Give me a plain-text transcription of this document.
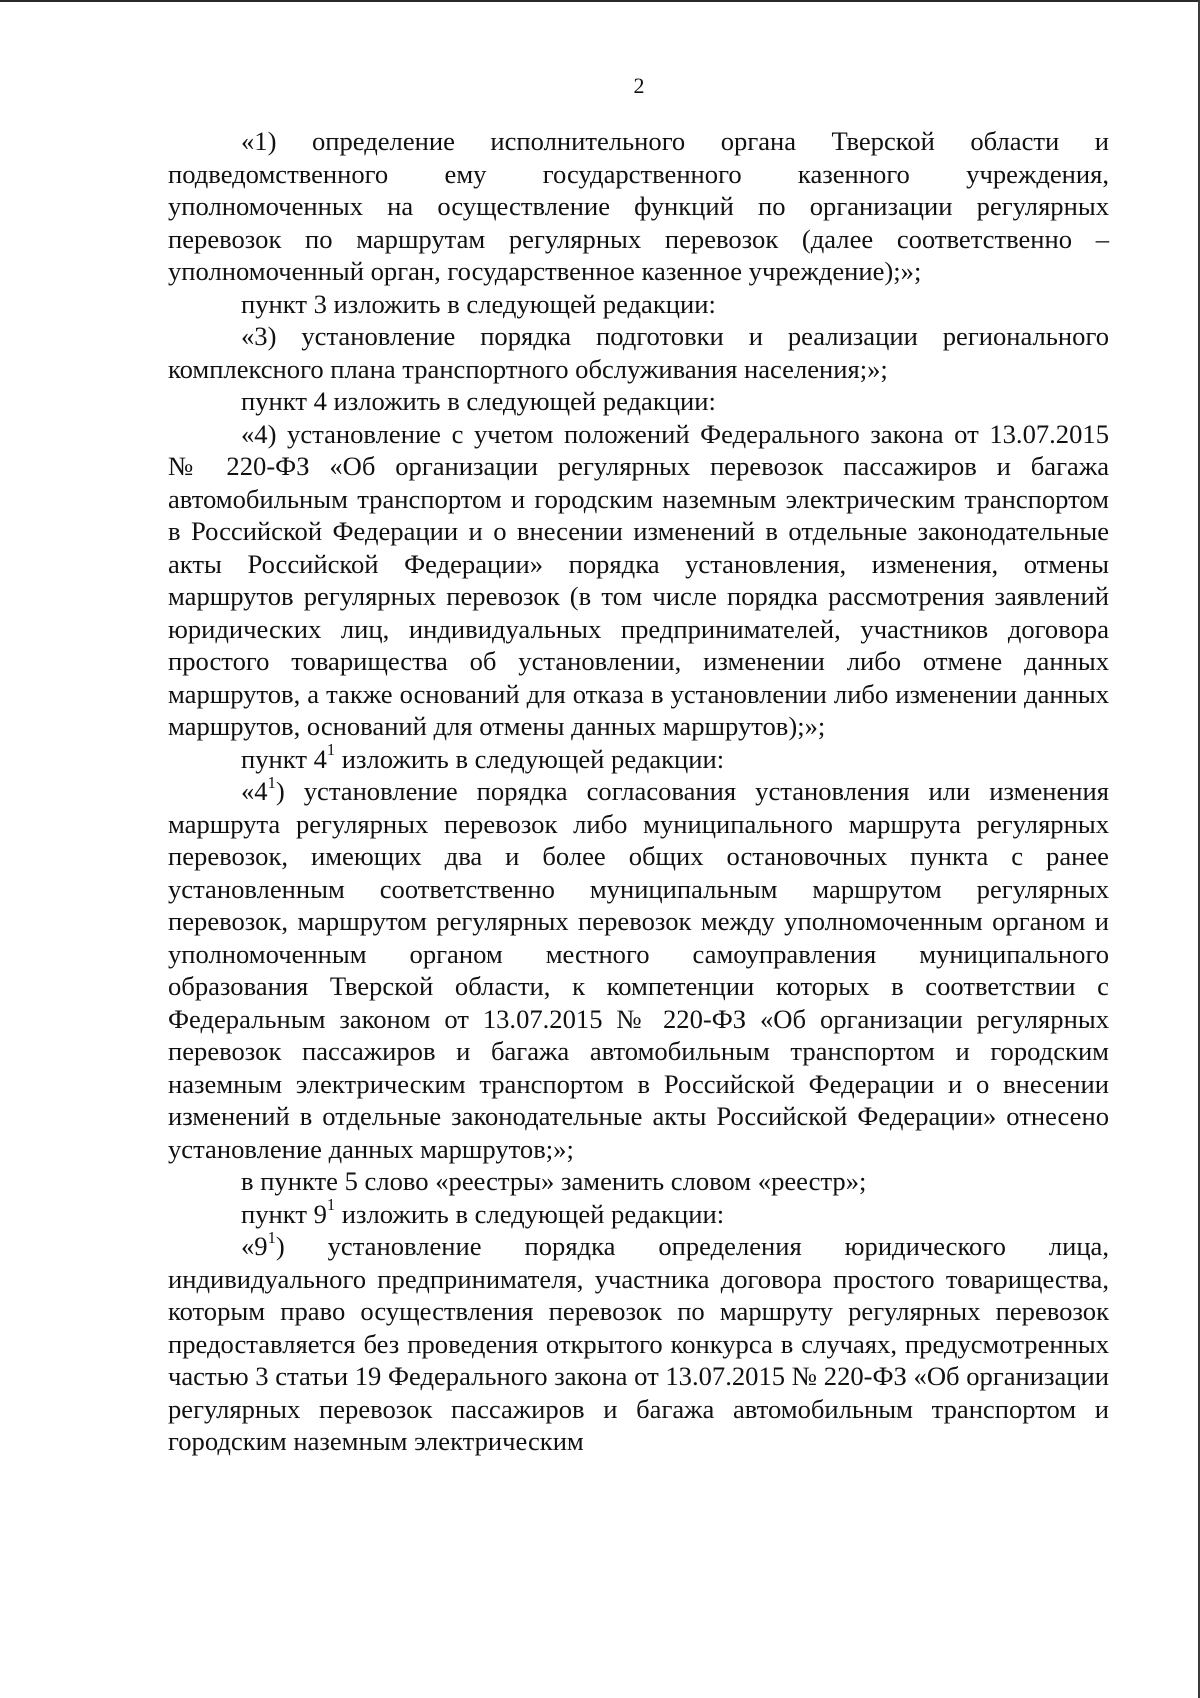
2

«1) определение исполнительного органа Тверской области и подведомственного ему государственного казенного учреждения, уполномоченных на осуществление функций по организации регулярных перевозок по маршрутам регулярных перевозок (далее соответственно – уполномоченный орган, государственное казенное учреждение);»;

пункт 3 изложить в следующей редакции:

«3) установление порядка подготовки и реализации регионального комплексного плана транспортного обслуживания населения;»;

пункт 4 изложить в следующей редакции:

«4) установление с учетом положений Федерального закона от 13.07.2015 № 220-ФЗ «Об организации регулярных перевозок пассажиров и багажа автомобильным транспортом и городским наземным электрическим транспортом в Российской Федерации и о внесении изменений в отдельные законодательные акты Российской Федерации» порядка установления, изменения, отмены маршрутов регулярных перевозок (в том числе порядка рассмотрения заявлений юридических лиц, индивидуальных предпринимателей, участников договора простого товарищества об установлении, изменении либо отмене данных маршрутов, а также оснований для отказа в установлении либо изменении данных маршрутов, оснований для отмены данных маршрутов);»;

пункт $4^1$ изложить в следующей редакции:

«$4^1$) установление порядка согласования установления или изменения маршрута регулярных перевозок либо муниципального маршрута регулярных перевозок, имеющих два и более общих остановочных пункта с ранее установленным соответственно муниципальным маршрутом регулярных перевозок, маршрутом регулярных перевозок между уполномоченным органом и уполномоченным органом местного самоуправления муниципального образования Тверской области, к компетенции которых в соответствии с Федеральным законом от 13.07.2015 № 220-ФЗ «Об организации регулярных перевозок пассажиров и багажа автомобильным транспортом и городским наземным электрическим транспортом в Российской Федерации и о внесении изменений в отдельные законодательные акты Российской Федерации» отнесено установление данных маршрутов;»;

в пункте 5 слово «реестры» заменить словом «реестр»;

пункт $9^1$ изложить в следующей редакции:

«$9^1$) установление порядка определения юридического лица, индивидуального предпринимателя, участника договора простого товарищества, которым право осуществления перевозок по маршруту регулярных перевозок предоставляется без проведения открытого конкурса в случаях, предусмотренных частью 3 статьи 19 Федерального закона от 13.07.2015 № 220-ФЗ «Об организации регулярных перевозок пассажиров и багажа автомобильным транспортом и городским наземным электрическим
